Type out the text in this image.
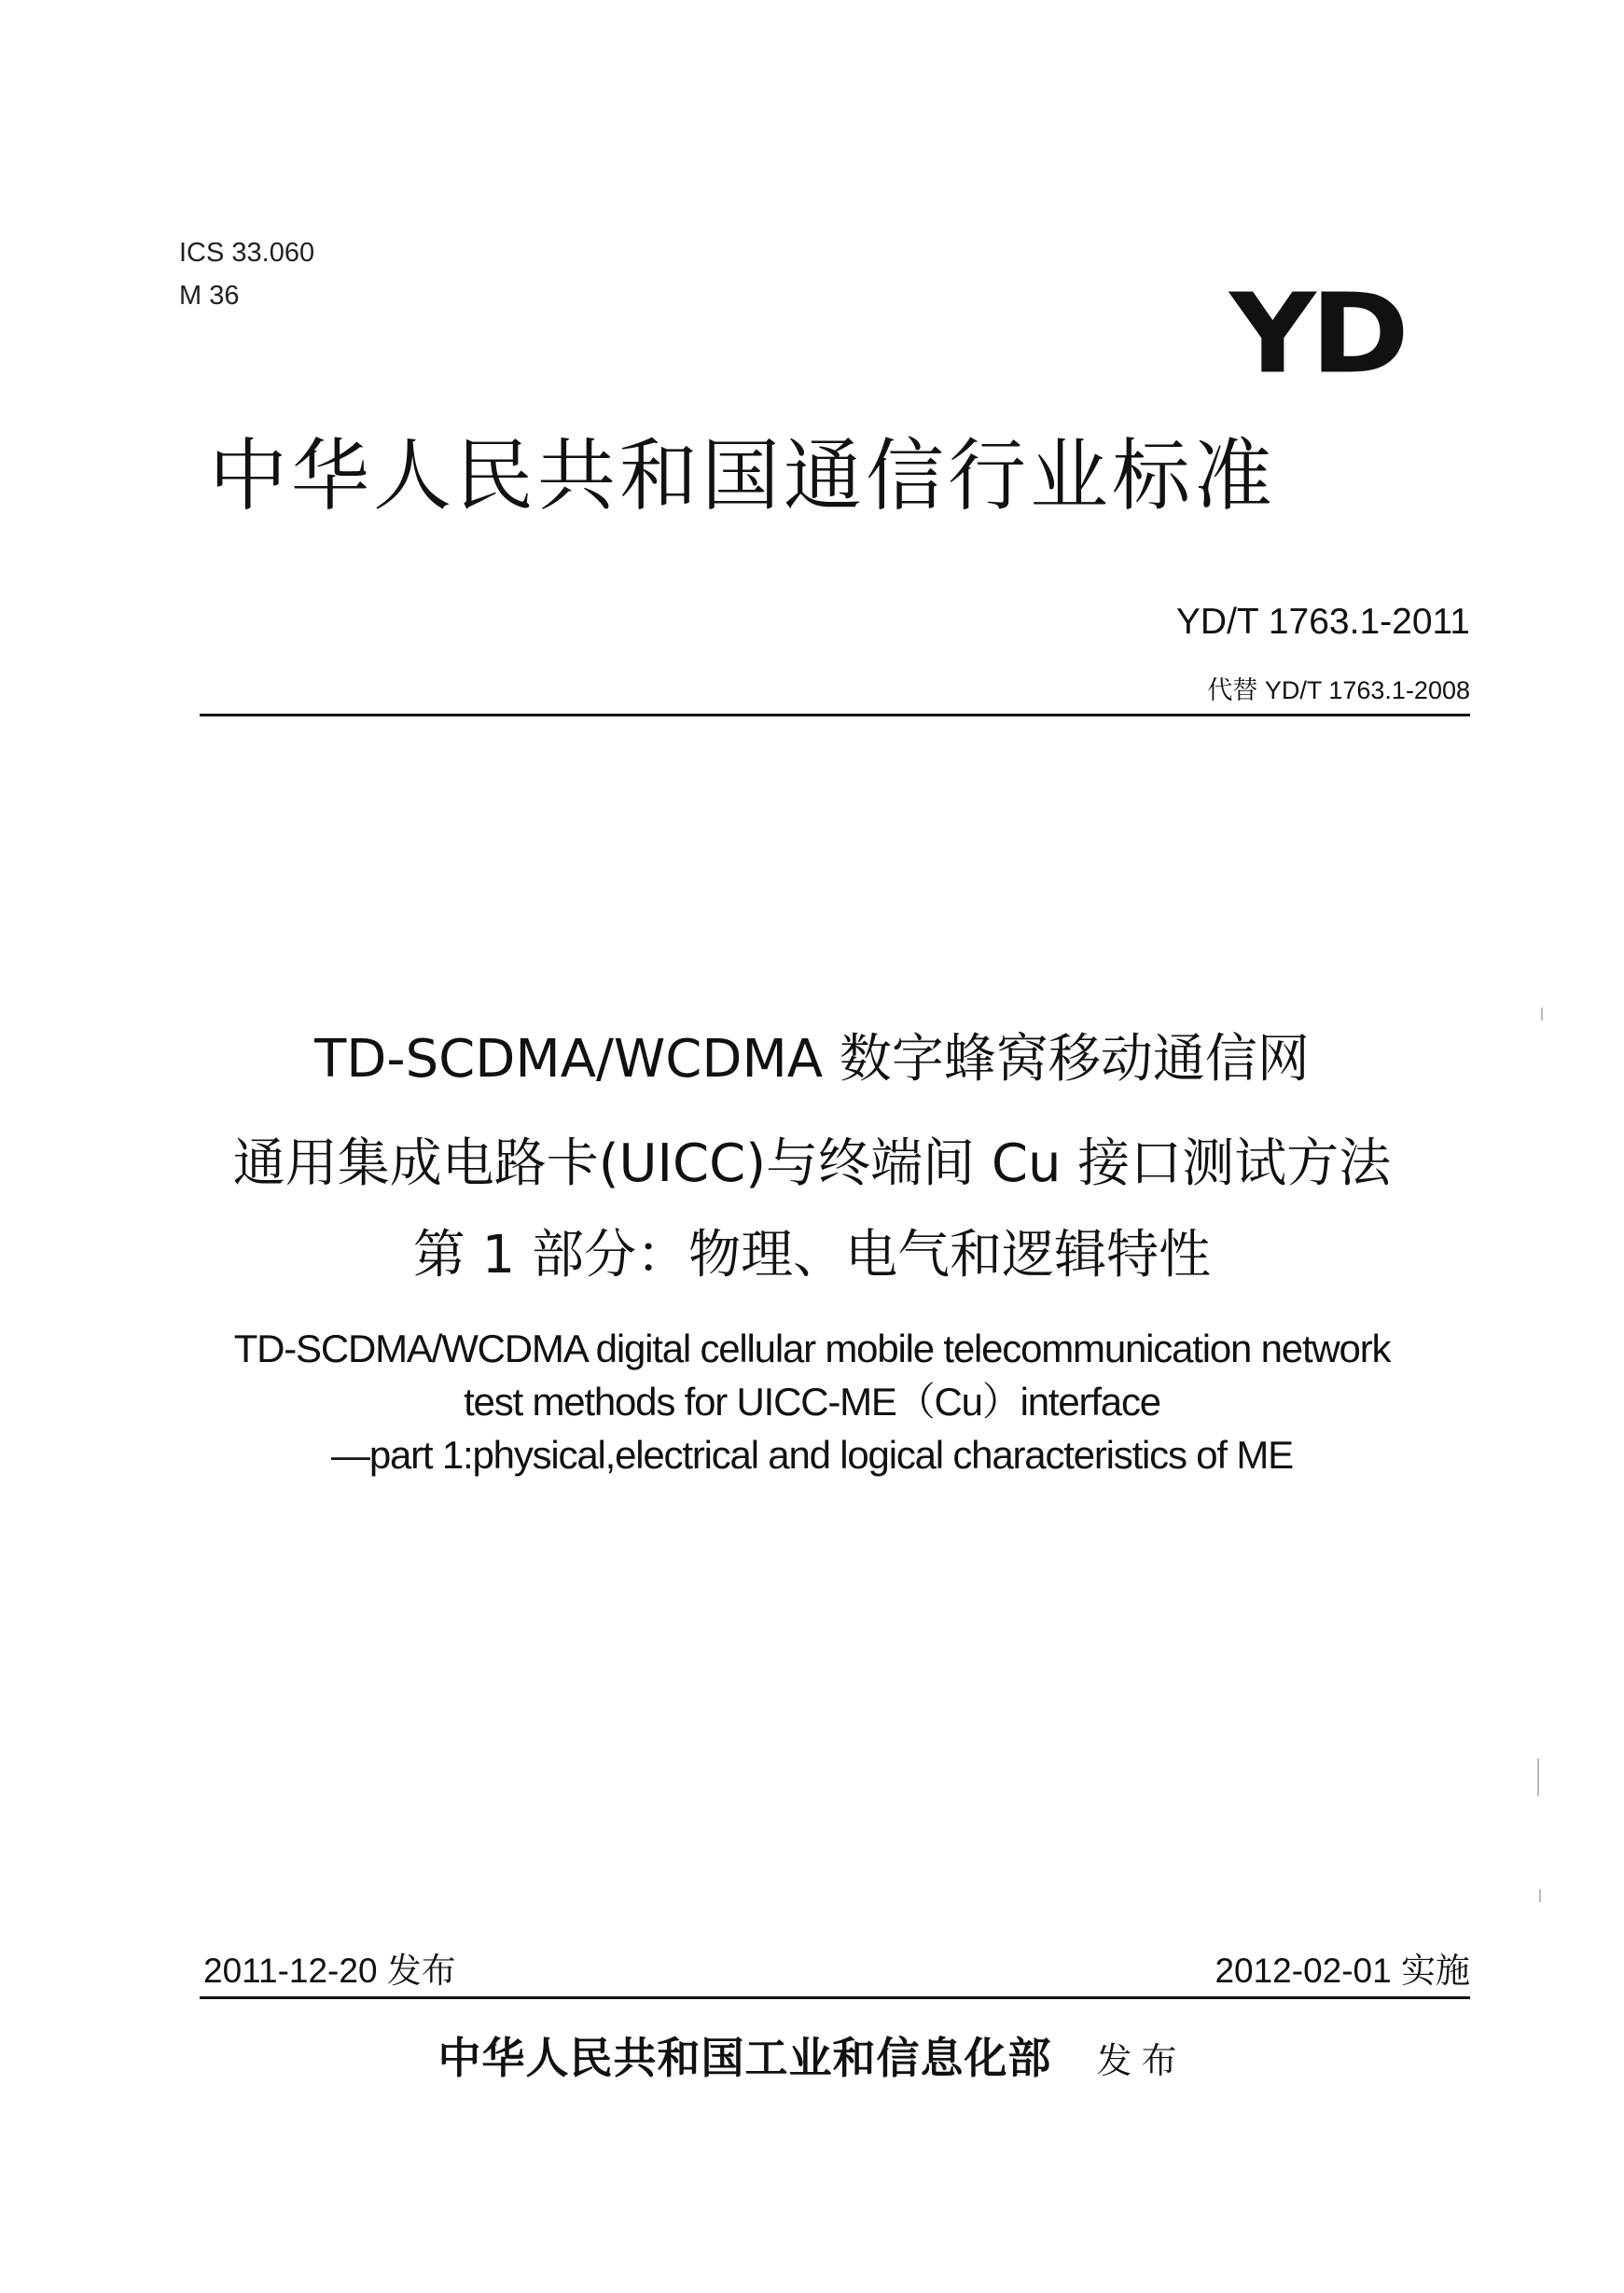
ICS 33.060
M 36	YD
中华人民共和国通信行业标准
YD/T 1763.1-2011
代替 YD/T 1763.1-2008
TD-SCDMA/WCDMA 数字蜂窝移动通信网
通用集成电路卡(UICC)与终端间 Cu 接口测试方法
第 1 部分：物理、电气和逻辑特性
TD-SCDMA/WCDMA digital cellular mobile telecommunication network
test methods for UICC-ME（Cu）interface
—part 1:physical,electrical and logical characteristics of ME
2011-12-20 发布	2012-02-01 实施
中华人民共和国工业和信息化部 发布
